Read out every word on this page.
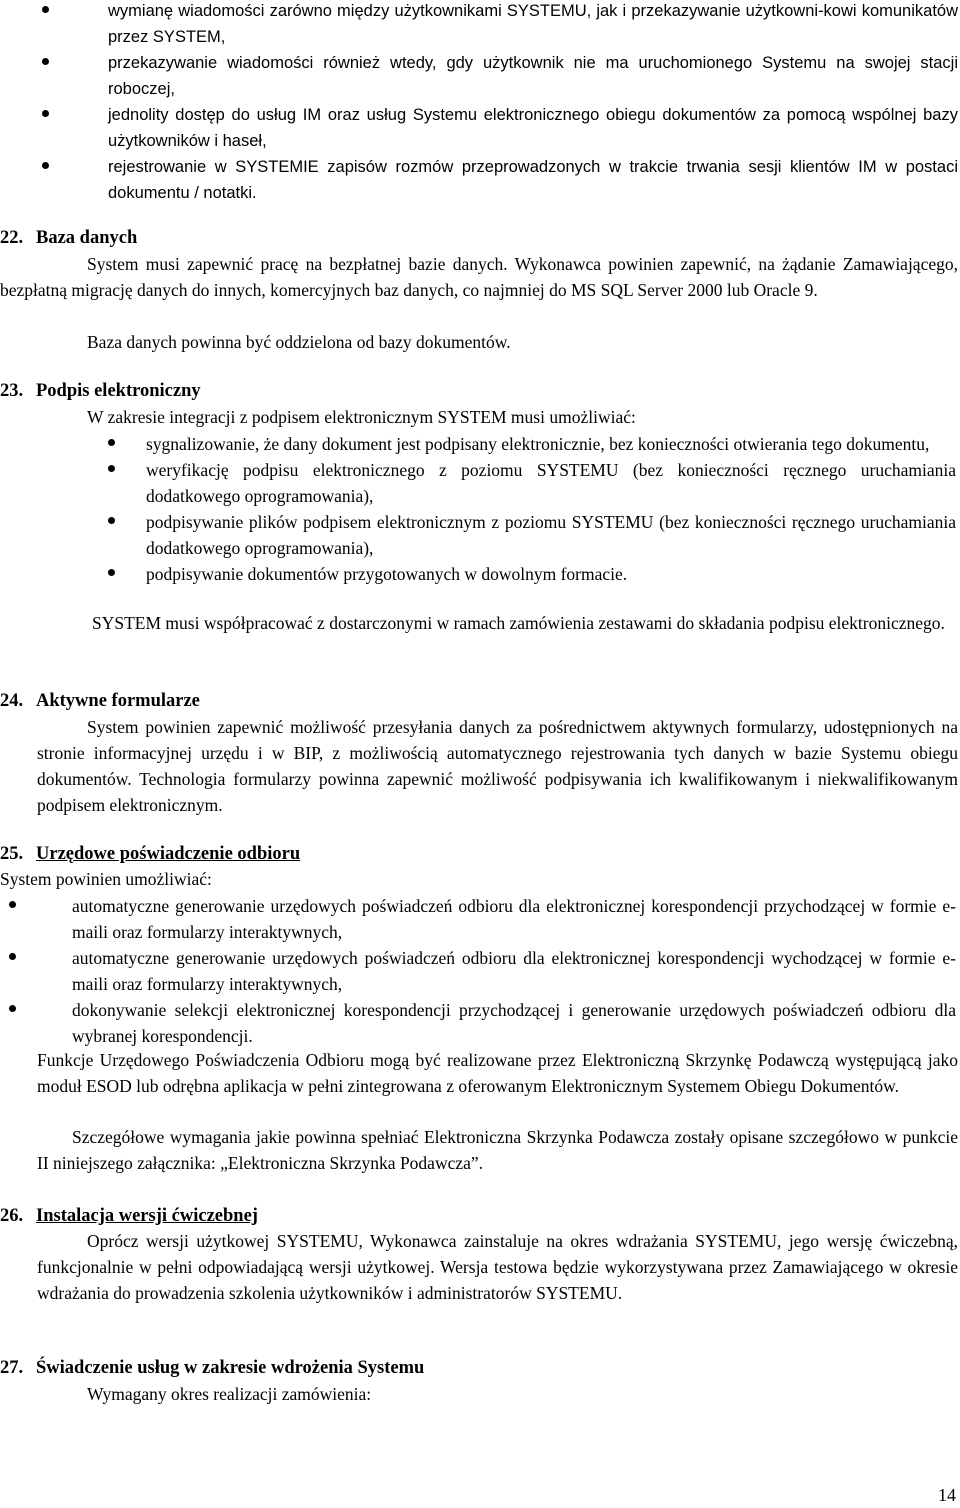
wymianę wiadomości zarówno między użytkownikami SYSTEMU, jak i przekazywanie użytkowni-kowi komunikatów przez SYSTEM,
przekazywanie wiadomości również wtedy, gdy użytkownik nie ma uruchomionego Systemu na swojej stacji roboczej,
jednolity dostęp do usług IM oraz usług Systemu elektronicznego obiegu dokumentów za pomocą wspólnej bazy użytkowników i haseł,
rejestrowanie w SYSTEMIE zapisów rozmów przeprowadzonych w trakcie trwania sesji klientów IM w postaci dokumentu / notatki.
22. Baza danych

System musi zapewnić pracę na bezpłatnej bazie danych. Wykonawca powinien zapewnić, na żądanie Zamawiającego, bezpłatną migrację danych do innych, komercyjnych baz danych, co najmniej do MS SQL Server 2000 lub Oracle 9.

Baza danych powinna być oddzielona od bazy dokumentów.

23. Podpis elektroniczny

W zakresie integracji z podpisem elektronicznym SYSTEM musi umożliwiać:

sygnalizowanie, że dany dokument jest podpisany elektronicznie, bez konieczności otwierania tego dokumentu,
weryfikację podpisu elektronicznego z poziomu SYSTEMU (bez konieczności ręcznego uruchamiania dodatkowego oprogramowania),
podpisywanie plików podpisem elektronicznym z poziomu SYSTEMU (bez konieczności ręcznego uruchamiania dodatkowego oprogramowania),
podpisywanie dokumentów przygotowanych w dowolnym formacie.

SYSTEM musi współpracować z dostarczonymi w ramach zamówienia zestawami do składania podpisu elektronicznego.

24. Aktywne formularze

System powinien zapewnić możliwość przesyłania danych za pośrednictwem aktywnych formularzy, udostępnionych na stronie informacyjnej urzędu i w BIP, z możliwością automatycznego rejestrowania tych danych w bazie Systemu obiegu dokumentów. Technologia formularzy powinna zapewnić możliwość podpisywania ich kwalifikowanym i niekwalifikowanym podpisem elektronicznym.

25. Urzędowe poświadczenie odbioru

System powinien umożliwiać:

automatyczne generowanie urzędowych poświadczeń odbioru dla elektronicznej korespondencji przychodzącej w formie e-maili oraz formularzy interaktywnych,
automatyczne generowanie urzędowych poświadczeń odbioru dla elektronicznej korespondencji wychodzącej w formie e-maili oraz formularzy interaktywnych,
dokonywanie selekcji elektronicznej korespondencji przychodzącej i generowanie urzędowych poświadczeń odbioru dla wybranej korespondencji.

Funkcje Urzędowego Poświadczenia Odbioru mogą być realizowane przez Elektroniczną Skrzynkę Podawczą występującą jako moduł ESOD lub odrębna aplikacja w pełni zintegrowana z oferowanym Elektronicznym Systemem Obiegu Dokumentów.

Szczegółowe wymagania jakie powinna spełniać Elektroniczna Skrzynka Podawcza zostały opisane szczegółowo w punkcie II niniejszego załącznika: „Elektroniczna Skrzynka Podawcza”.

26. Instalacja wersji ćwiczebnej

Oprócz wersji użytkowej SYSTEMU, Wykonawca zainstaluje na okres wdrażania SYSTEMU, jego wersję ćwiczebną, funkcjonalnie w pełni odpowiadającą wersji użytkowej. Wersja testowa będzie wykorzystywana przez Zamawiającego w okresie wdrażania do prowadzenia szkolenia użytkowników i administratorów SYSTEMU.

27. Świadczenie usług w zakresie wdrożenia Systemu

Wymagany okres realizacji zamówienia:

14
